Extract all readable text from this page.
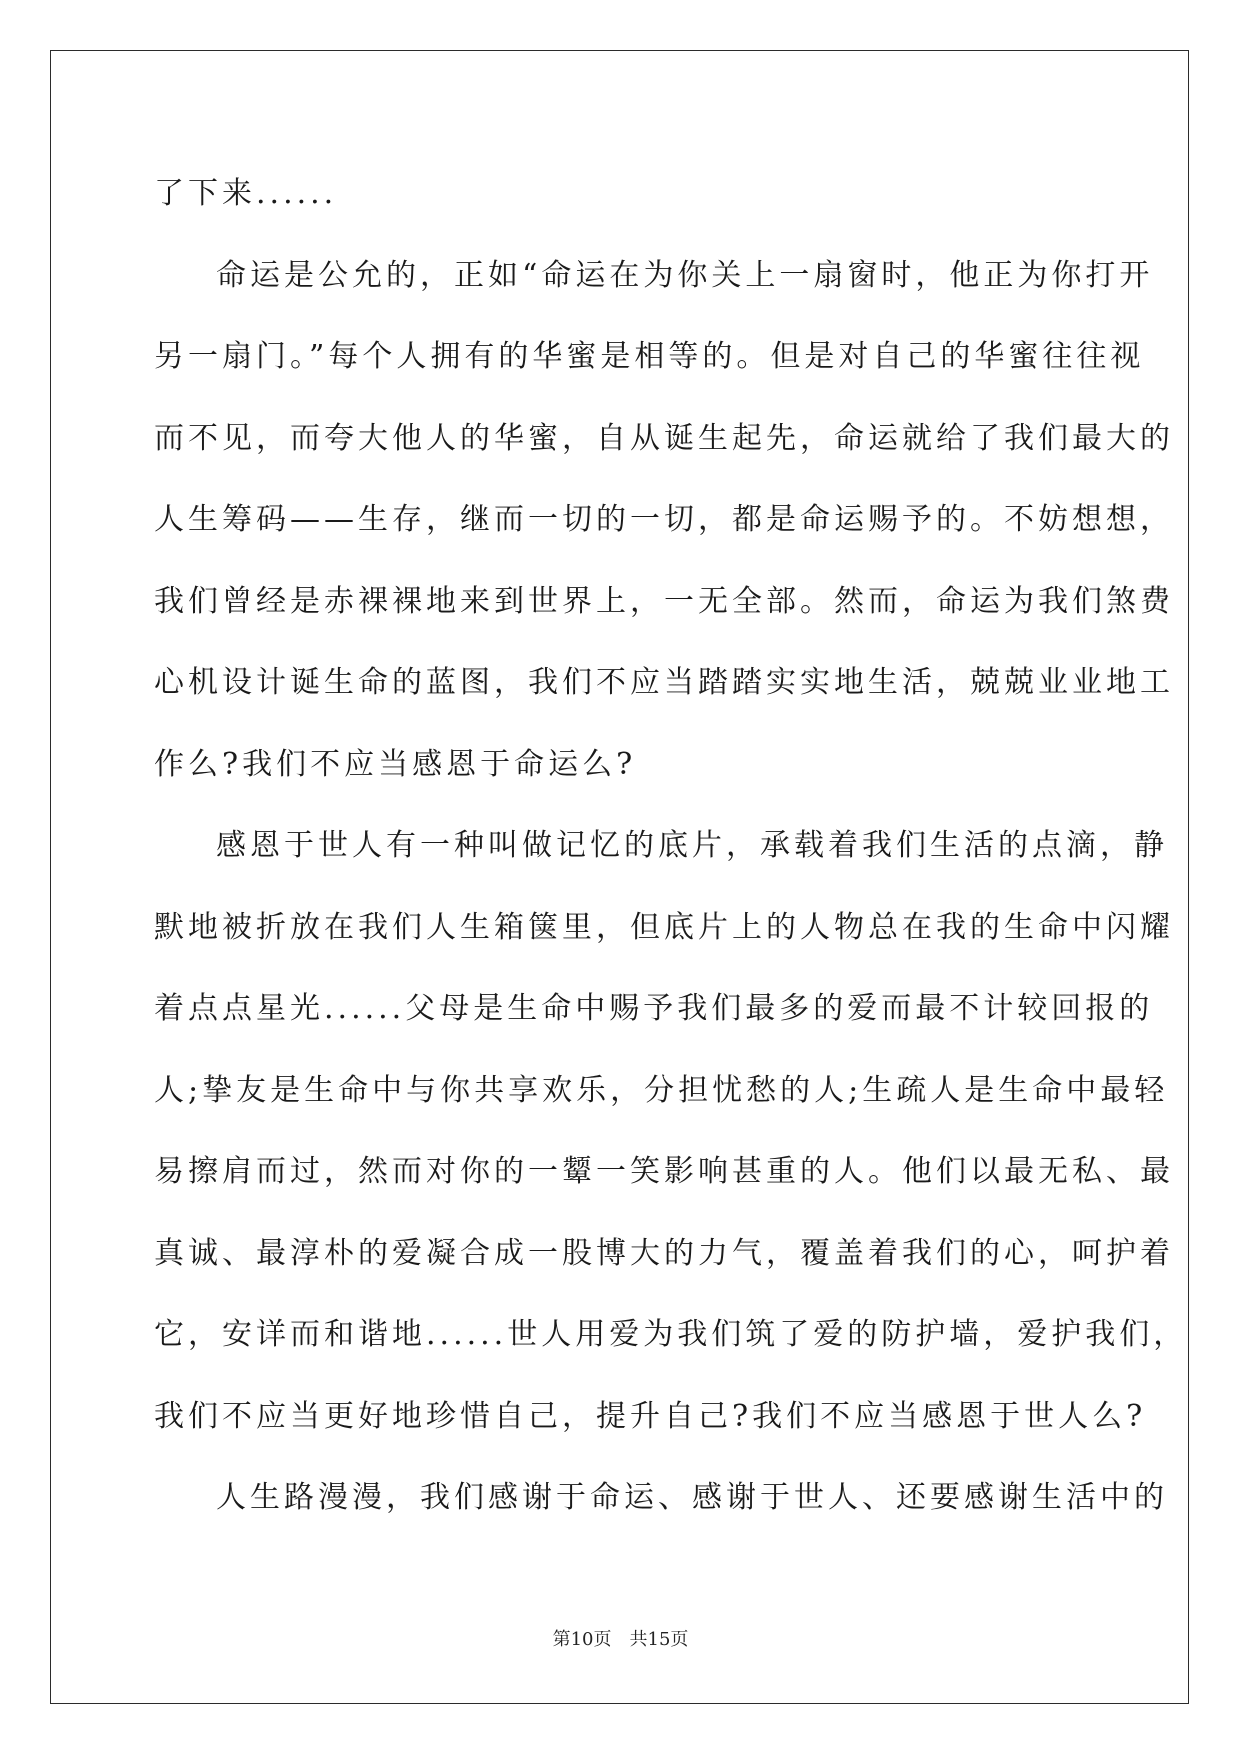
了下来......
命运是公允的，正如“命运在为你关上一扇窗时，他正为你打开
另一扇门。”每个人拥有的华蜜是相等的。但是对自己的华蜜往往视
而不见，而夸大他人的华蜜，自从诞生起先，命运就给了我们最大的
人生筹码——生存，继而一切的一切，都是命运赐予的。不妨想想，
我们曾经是赤裸裸地来到世界上，一无全部。然而，命运为我们煞费
心机设计诞生命的蓝图，我们不应当踏踏实实地生活，兢兢业业地工
作么?我们不应当感恩于命运么?
感恩于世人有一种叫做记忆的底片，承载着我们生活的点滴，静
默地被折放在我们人生箱箧里，但底片上的人物总在我的生命中闪耀
着点点星光......父母是生命中赐予我们最多的爱而最不计较回报的
人;挚友是生命中与你共享欢乐，分担忧愁的人;生疏人是生命中最轻
易擦肩而过，然而对你的一颦一笑影响甚重的人。他们以最无私、最
真诚、最淳朴的爱凝合成一股博大的力气，覆盖着我们的心，呵护着
它，安详而和谐地......世人用爱为我们筑了爱的防护墙，爱护我们，
我们不应当更好地珍惜自己，提升自己?我们不应当感恩于世人么?
人生路漫漫，我们感谢于命运、感谢于世人、还要感谢生活中的
第10页　共15页
